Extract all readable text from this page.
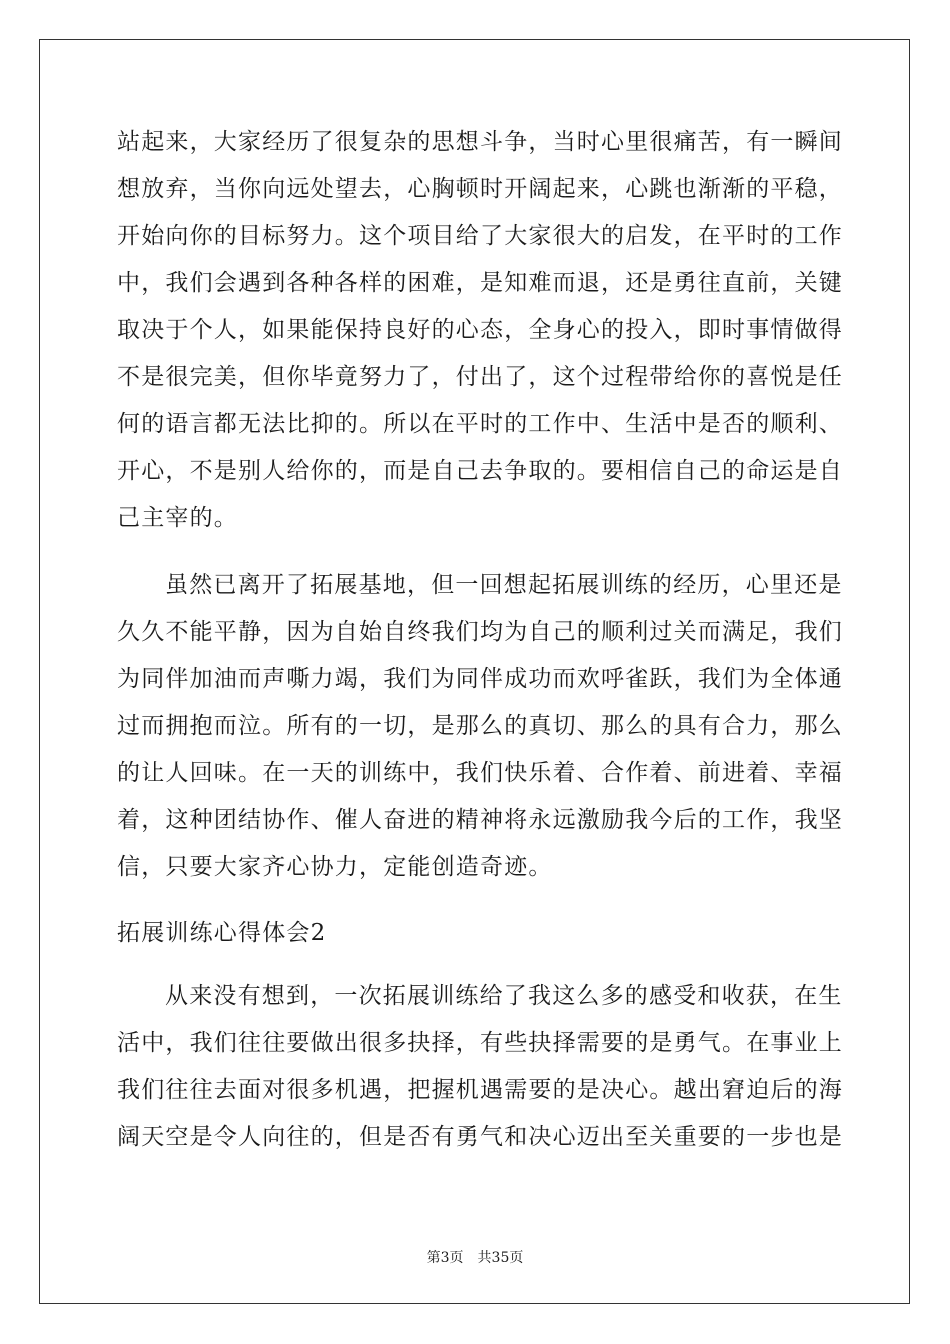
站起来，大家经历了很复杂的思想斗争，当时心里很痛苦，有一瞬间
想放弃，当你向远处望去，心胸顿时开阔起来，心跳也渐渐的平稳，
开始向你的目标努力。这个项目给了大家很大的启发，在平时的工作
中，我们会遇到各种各样的困难，是知难而退，还是勇往直前，关键
取决于个人，如果能保持良好的心态，全身心的投入，即时事情做得
不是很完美，但你毕竟努力了，付出了，这个过程带给你的喜悦是任
何的语言都无法比抑的。所以在平时的工作中、生活中是否的顺利、
开心，不是别人给你的，而是自己去争取的。要相信自己的命运是自
己主宰的。
虽然已离开了拓展基地，但一回想起拓展训练的经历，心里还是
久久不能平静，因为自始自终我们均为自己的顺利过关而满足，我们
为同伴加油而声嘶力竭，我们为同伴成功而欢呼雀跃，我们为全体通
过而拥抱而泣。所有的一切，是那么的真切、那么的具有合力，那么
的让人回味。在一天的训练中，我们快乐着、合作着、前进着、幸福
着，这种团结协作、催人奋进的精神将永远激励我今后的工作，我坚
信，只要大家齐心协力，定能创造奇迹。
拓展训练心得体会2
从来没有想到，一次拓展训练给了我这么多的感受和收获，在生
活中，我们往往要做出很多抉择，有些抉择需要的是勇气。在事业上
我们往往去面对很多机遇，把握机遇需要的是决心。越出窘迫后的海
阔天空是令人向往的，但是否有勇气和决心迈出至关重要的一步也是
第3页　共35页
